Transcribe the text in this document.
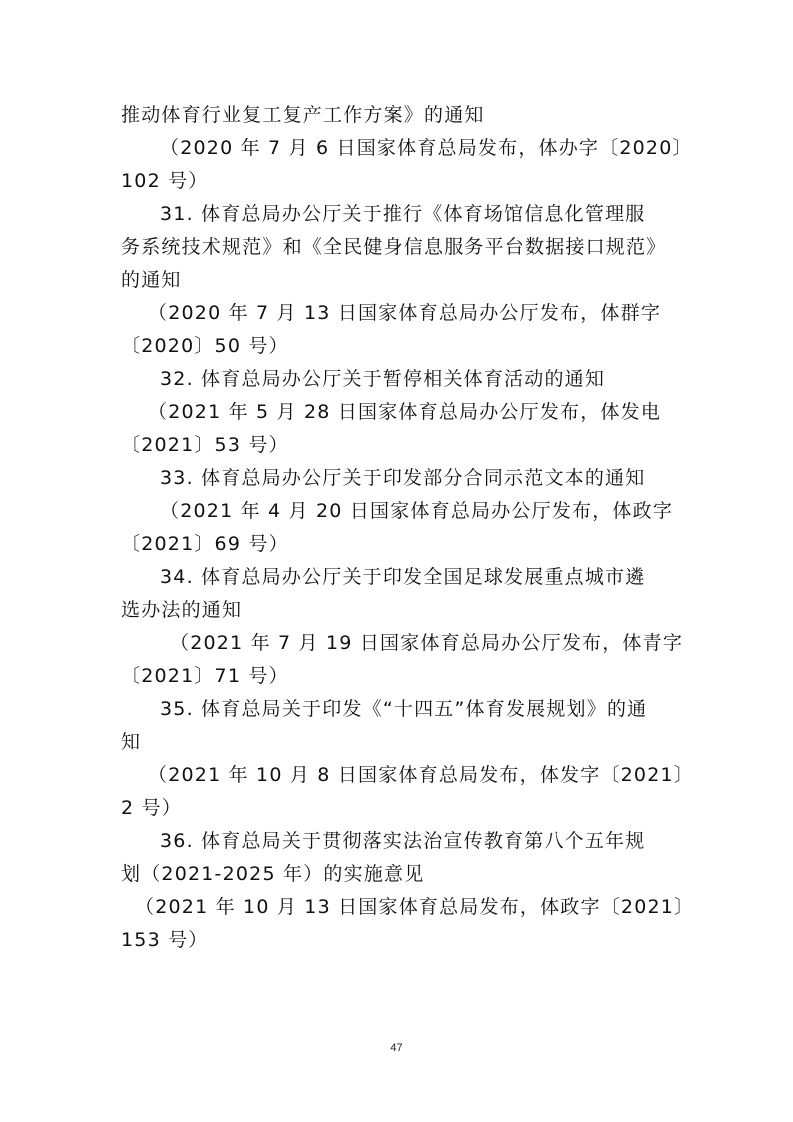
推动体育行业复工复产工作方案》的通知
（2020 年 7 月 6 日国家体育总局发布，体办字〔2020〕
102 号）
31. 体育总局办公厅关于推行《体育场馆信息化管理服
务系统技术规范》和《全民健身信息服务平台数据接口规范》
的通知
（2020 年 7 月 13 日国家体育总局办公厅发布，体群字
〔2020〕50 号）
32. 体育总局办公厅关于暂停相关体育活动的通知
（2021 年 5 月 28 日国家体育总局办公厅发布，体发电
〔2021〕53 号）
33. 体育总局办公厅关于印发部分合同示范文本的通知
（2021 年 4 月 20 日国家体育总局办公厅发布，体政字
〔2021〕69 号）
34. 体育总局办公厅关于印发全国足球发展重点城市遴
选办法的通知
（2021 年 7 月 19 日国家体育总局办公厅发布，体青字
〔2021〕71 号）
35. 体育总局关于印发《“十四五”体育发展规划》的通
知
（2021 年 10 月 8 日国家体育总局发布，体发字〔2021〕
2 号）
36. 体育总局关于贯彻落实法治宣传教育第八个五年规
划（2021-2025 年）的实施意见
（2021 年 10 月 13 日国家体育总局发布，体政字〔2021〕
153 号）
47
